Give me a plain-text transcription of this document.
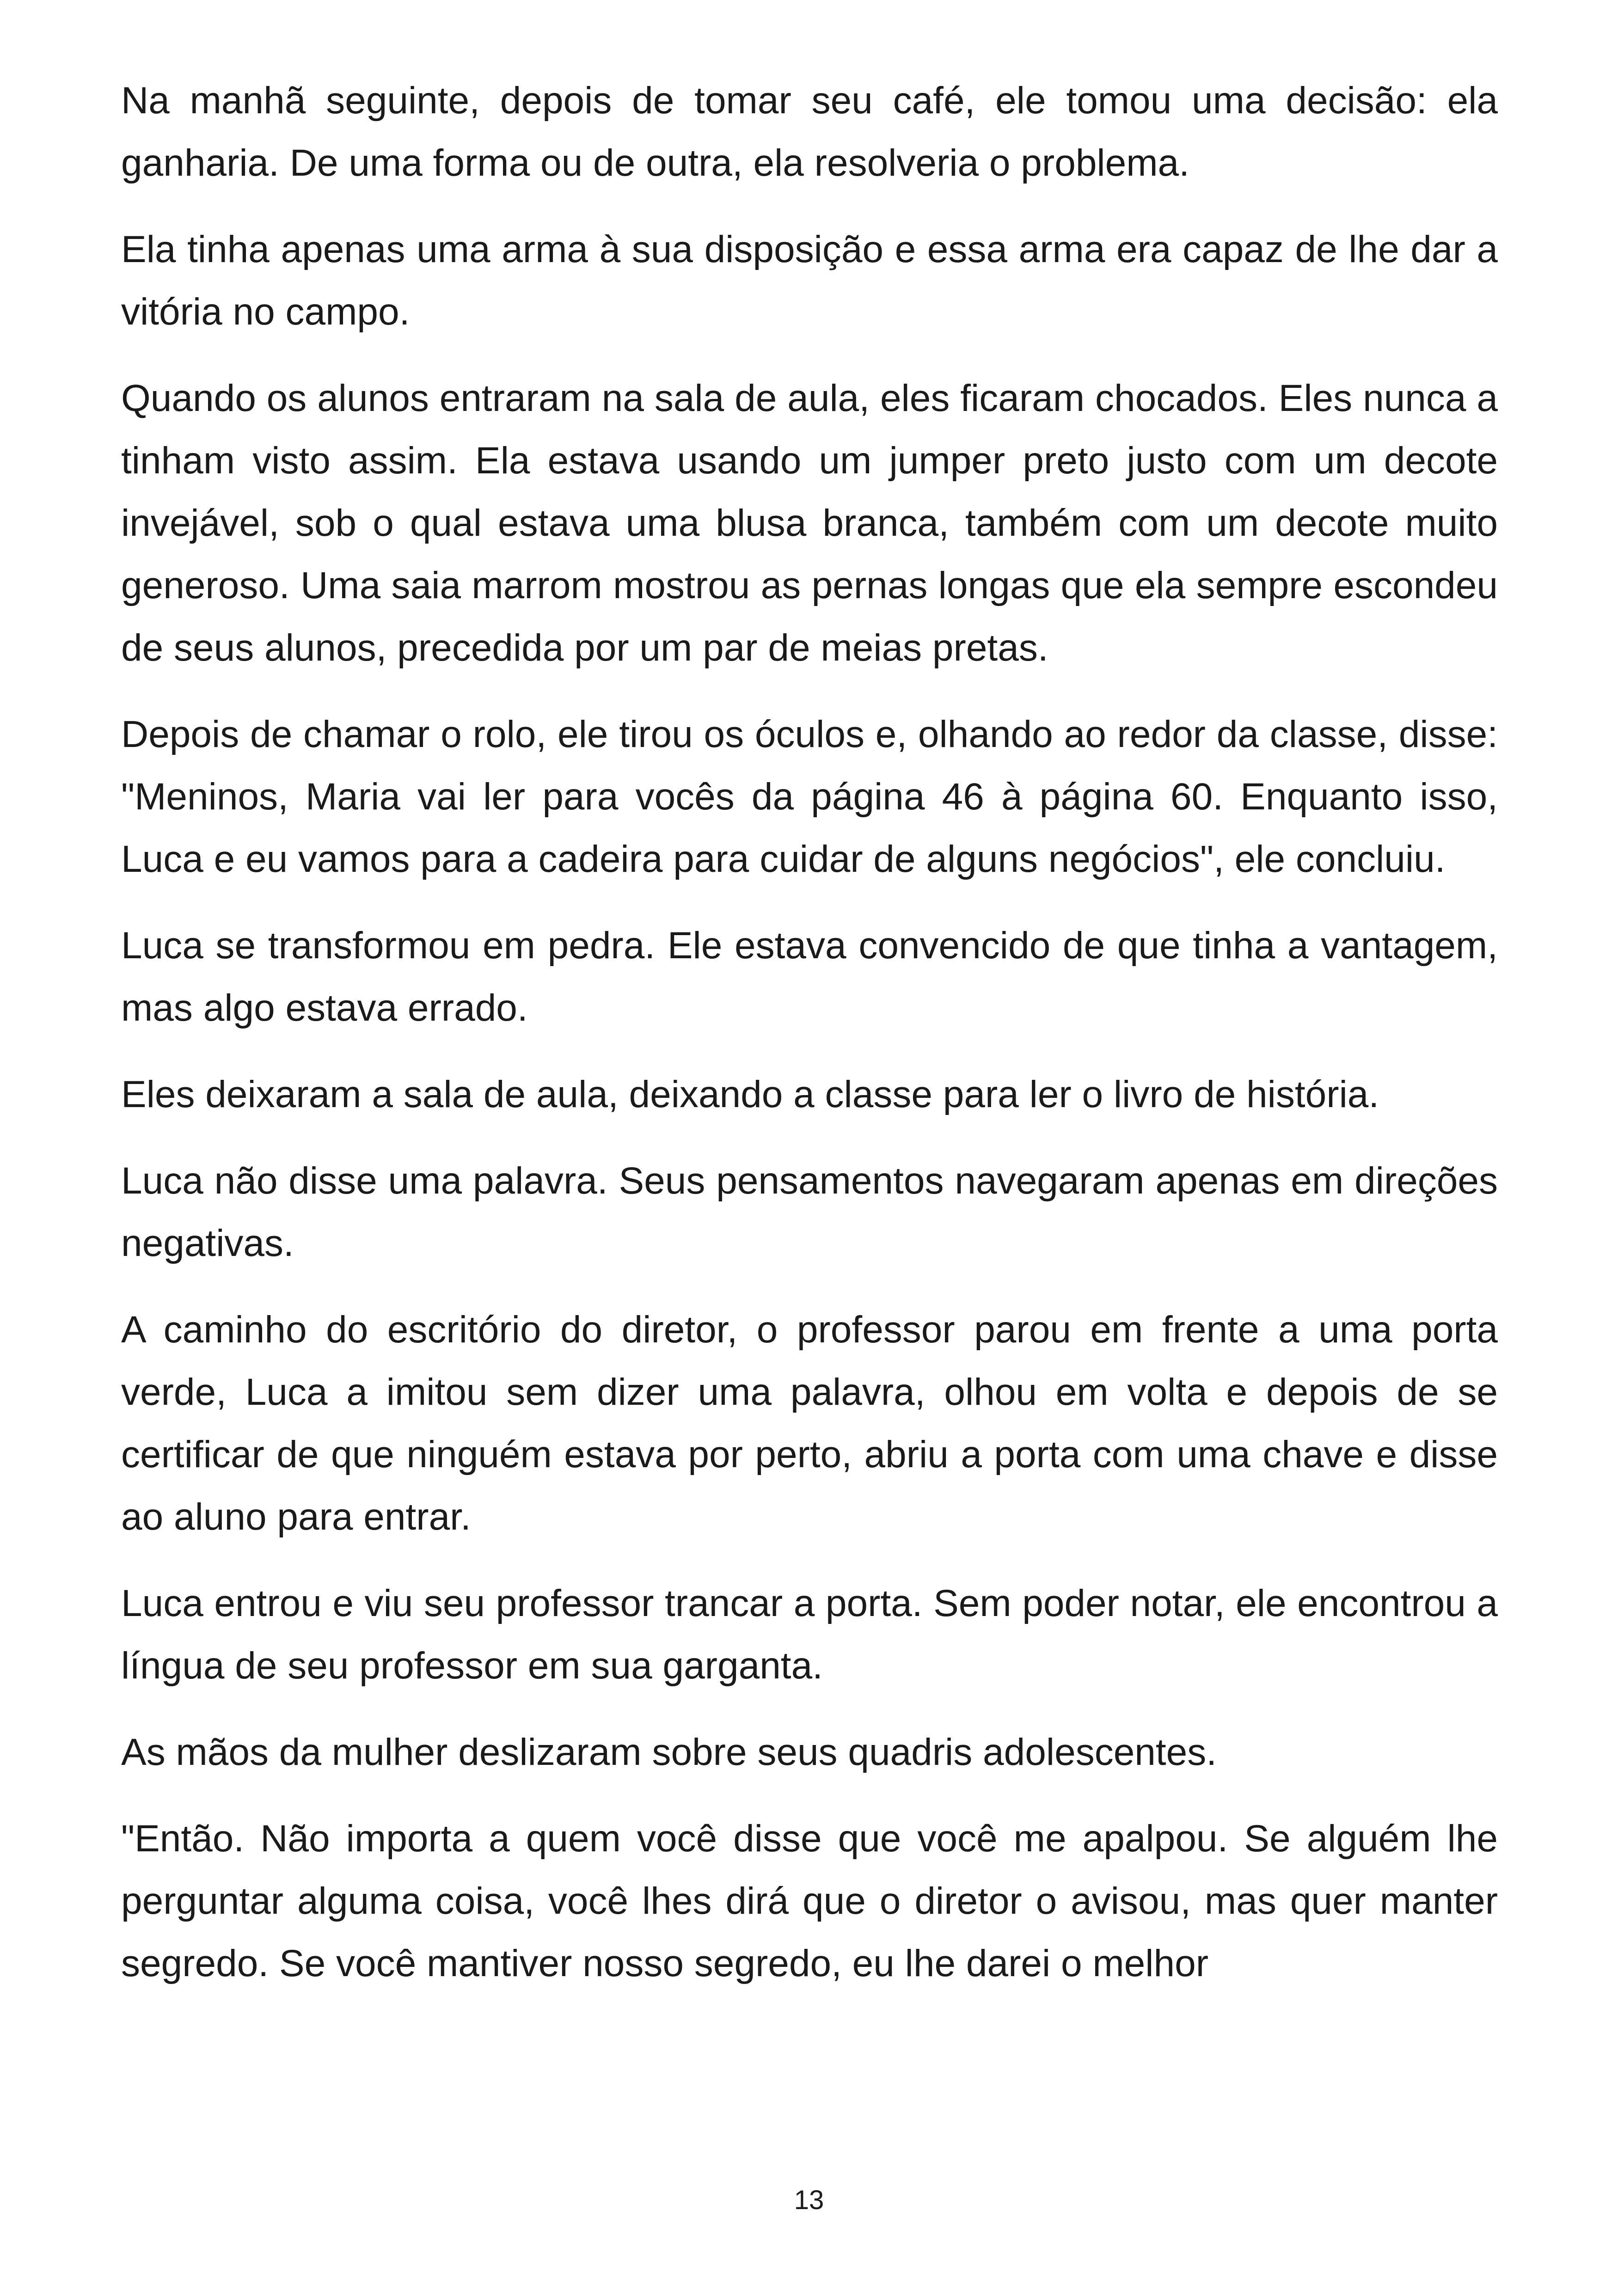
Na manhã seguinte, depois de tomar seu café, ele tomou uma decisão: ela ganharia. De uma forma ou de outra, ela resolveria o problema.

Ela tinha apenas uma arma à sua disposição e essa arma era capaz de lhe dar a vitória no campo.

Quando os alunos entraram na sala de aula, eles ficaram chocados. Eles nunca a tinham visto assim. Ela estava usando um jumper preto justo com um decote invejável, sob o qual estava uma blusa branca, também com um decote muito generoso. Uma saia marrom mostrou as pernas longas que ela sempre escondeu de seus alunos, precedida por um par de meias pretas.

Depois de chamar o rolo, ele tirou os óculos e, olhando ao redor da classe, disse: "Meninos, Maria vai ler para vocês da página 46 à página 60. Enquanto isso, Luca e eu vamos para a cadeira para cuidar de alguns negócios", ele concluiu.

Luca se transformou em pedra. Ele estava convencido de que tinha a vantagem, mas algo estava errado.

Eles deixaram a sala de aula, deixando a classe para ler o livro de história.

Luca não disse uma palavra. Seus pensamentos navegaram apenas em direções negativas.

A caminho do escritório do diretor, o professor parou em frente a uma porta verde, Luca a imitou sem dizer uma palavra, olhou em volta e depois de se certificar de que ninguém estava por perto, abriu a porta com uma chave e disse ao aluno para entrar.

Luca entrou e viu seu professor trancar a porta. Sem poder notar, ele encontrou a língua de seu professor em sua garganta.

As mãos da mulher deslizaram sobre seus quadris adolescentes.

"Então. Não importa a quem você disse que você me apalpou. Se alguém lhe perguntar alguma coisa, você lhes dirá que o diretor o avisou, mas quer manter segredo. Se você mantiver nosso segredo, eu lhe darei o melhor

13
